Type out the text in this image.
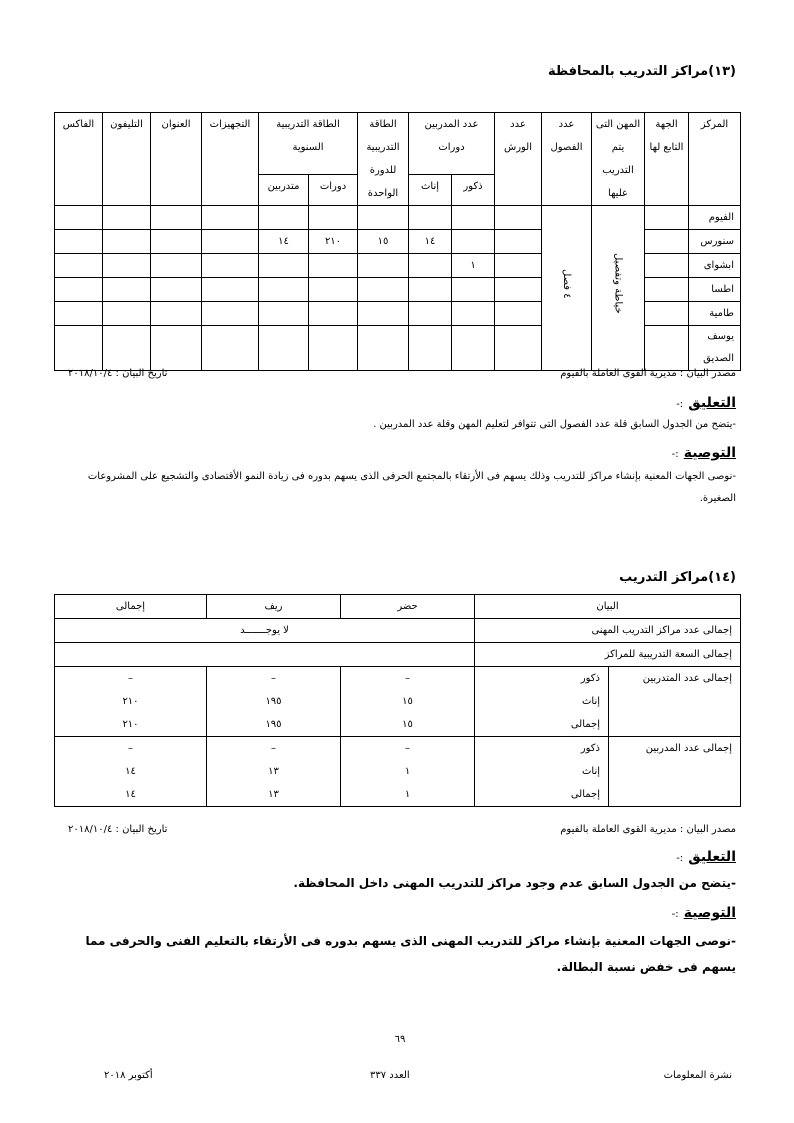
(١٣)مراكز التدريب بالمحافظة
المركز	الجهة التابع لها	المهن التى يتم التدريب عليها	عدد الفصول	عدد الورش	عدد المدربين دورات		الطاقة التدريبية للدورة الواحدة	الطاقة التدريبية السنوية		التجهيزات	العنوان	التليفون	الفاكس
					ذكور	إناث		دورات	متدربين				
الفيوم		خياطة وتفصيل	٤ فصل										
سنورس						١٤	١٥	٢١٠	١٤				
ابشواى					١								
اطسا													
طامية													
يوسف الصديق													
مصدر البيان : مديرية القوى العاملة بالفيوم
تاريخ البيان : ٢٠١٨/١٠/٤
التعليق :-
-يتضح من الجدول السابق قلة عدد الفصول التى تتوافر لتعليم المهن وقلة عدد المدربين .
التوصية :-
-نوصى الجهات المعنية بإنشاء مراكز للتدريب وذلك يسهم فى الأرتقاء بالمجتمع الحرفى الذى يسهم بدوره فى زيادة النمو الأقتصادى والتشجيع على المشروعات الصغيرة.
(١٤)مراكز التدريب
البيان		حضر	ريف	إجمالى
إجمالى عدد مراكز التدريب المهنى		لا يوجـــــــد		
إجمالى السعة التدريبية للمراكز				
إجمالى عدد المتدربين	ذكور	–	–	–
	إناث	١٥	١٩٥	٢١٠
	إجمالى	١٥	١٩٥	٢١٠
إجمالى عدد المدربين	ذكور	–	–	–
	إناث	١	١٣	١٤
	إجمالى	١	١٣	١٤
مصدر البيان : مديرية القوى العاملة بالفيوم
تاريخ البيان : ٢٠١٨/١٠/٤
التعليق :-
-يتضح من الجدول السابق عدم وجود مراكز للتدريب المهنى داخل المحافظة.
التوصية :-
-نوصى الجهات المعنية بإنشاء مراكز للتدريب المهنى الذى يسهم بدوره فى الأرتقاء بالتعليم الفنى والحرفى مما يسهم فى خفض نسبة البطالة.
٦٩
نشرة المعلومات
العدد ٣٣٧
أكتوبر ٢٠١٨
